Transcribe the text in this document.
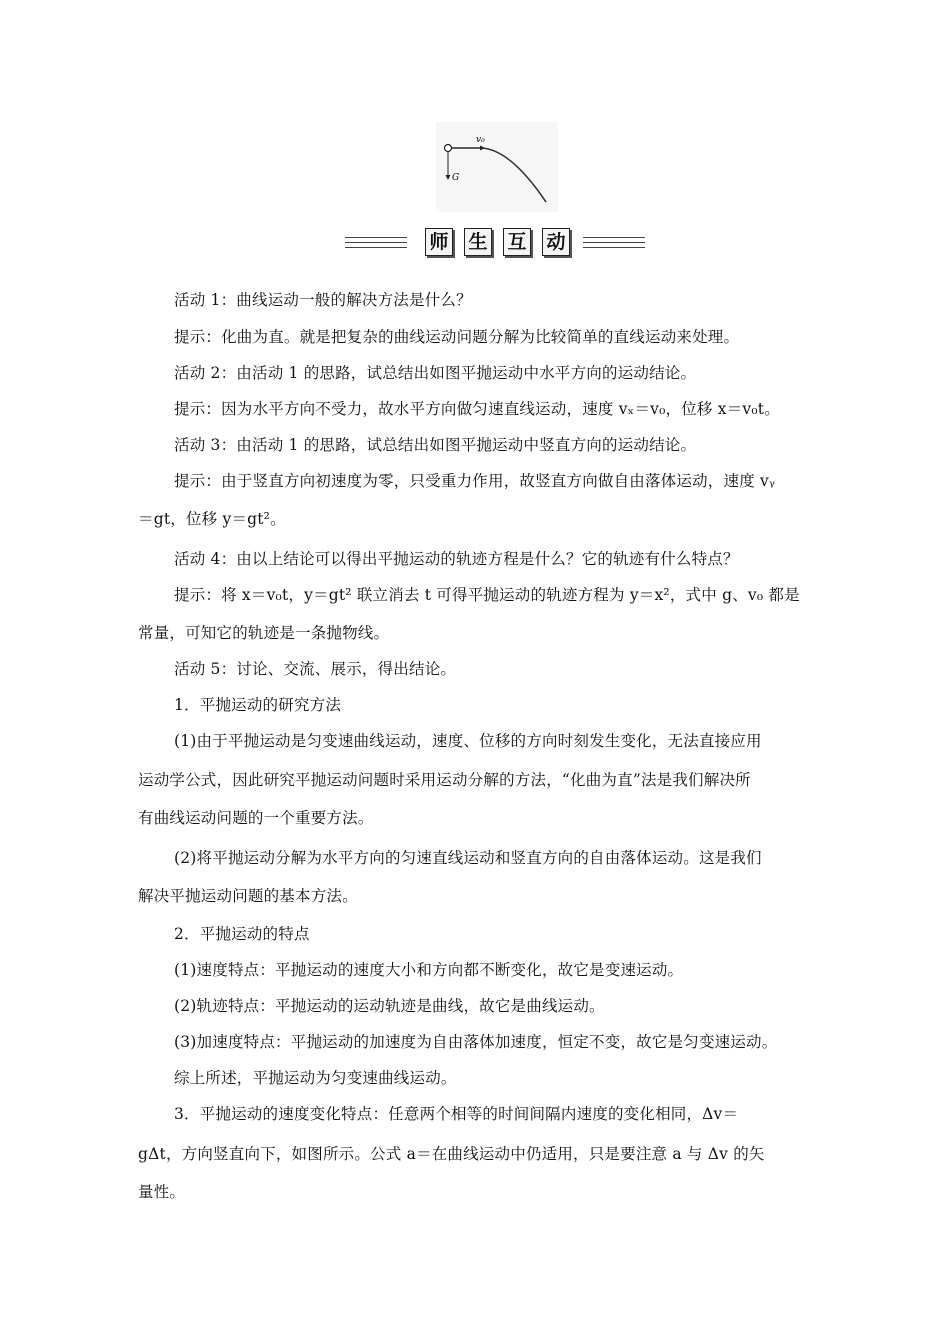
v₀
G
师 生 互 动
活动 1：曲线运动一般的解决方法是什么？
提示：化曲为直。就是把复杂的曲线运动问题分解为比较简单的直线运动来处理。
活动 2：由活动 1 的思路，试总结出如图平抛运动中水平方向的运动结论。
提示：因为水平方向不受力，故水平方向做匀速直线运动，速度 vₓ＝v₀，位移 x＝v₀t。
活动 3：由活动 1 的思路，试总结出如图平抛运动中竖直方向的运动结论。
提示：由于竖直方向初速度为零，只受重力作用，故竖直方向做自由落体运动，速度 vᵧ
＝gt，位移 y＝gt²。
活动 4：由以上结论可以得出平抛运动的轨迹方程是什么？它的轨迹有什么特点？
提示：将 x＝v₀t，y＝gt² 联立消去 t 可得平抛运动的轨迹方程为 y＝x²，式中 g、v₀ 都是
常量，可知它的轨迹是一条抛物线。
活动 5：讨论、交流、展示，得出结论。
1．平抛运动的研究方法
(1)由于平抛运动是匀变速曲线运动，速度、位移的方向时刻发生变化，无法直接应用
运动学公式，因此研究平抛运动问题时采用运动分解的方法，“化曲为直”法是我们解决所
有曲线运动问题的一个重要方法。
(2)将平抛运动分解为水平方向的匀速直线运动和竖直方向的自由落体运动。这是我们
解决平抛运动问题的基本方法。
2．平抛运动的特点
(1)速度特点：平抛运动的速度大小和方向都不断变化，故它是变速运动。
(2)轨迹特点：平抛运动的运动轨迹是曲线，故它是曲线运动。
(3)加速度特点：平抛运动的加速度为自由落体加速度，恒定不变，故它是匀变速运动。
综上所述，平抛运动为匀变速曲线运动。
3．平抛运动的速度变化特点：任意两个相等的时间间隔内速度的变化相同，Δv＝
gΔt，方向竖直向下，如图所示。公式 a＝在曲线运动中仍适用，只是要注意 a 与 Δv 的矢
量性。
